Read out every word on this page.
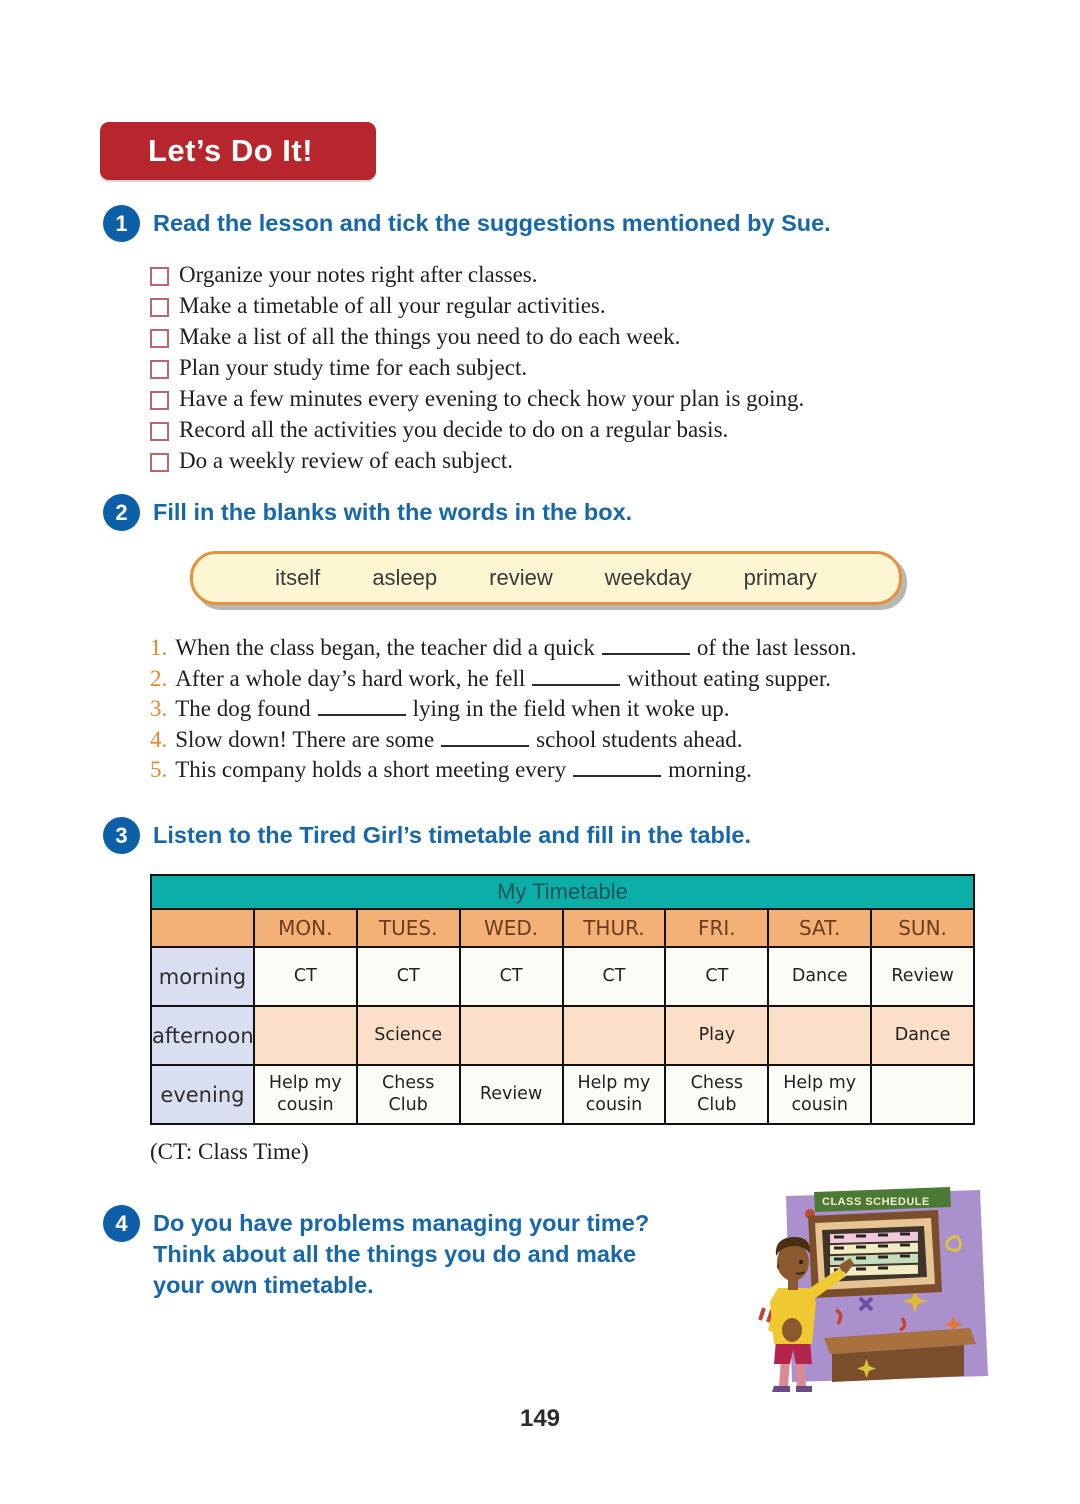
Let’s Do It!
1	Read the lesson and tick the suggestions mentioned by Sue.
Organize your notes right after classes.
Make a timetable of all your regular activities.
Make a list of all the things you need to do each week.
Plan your study time for each subject.
Have a few minutes every evening to check how your plan is going.
Record all the activities you decide to do on a regular basis.
Do a weekly review of each subject.
2	Fill in the blanks with the words in the box.
itself asleep review weekday primary
1. When the class began, the teacher did a quick	of the last lesson.
2. After a whole day’s hard work, he fell	without eating supper.
3. The dog found	lying in the field when it woke up.
4. Slow down! There are some	school students ahead.
5. This company holds a short meeting every	morning.
3	Listen to the Tired Girl’s timetable and fill in the table.
My Timetable							
	MON.	TUES.	WED.	THUR.	FRI.	SAT.	SUN.
morning	CT	CT	CT	CT	CT	Dance	Review
afternoon		Science			Play		Dance
evening	Help my cousin	Chess Club	Review	Help my cousin	Chess Club	Help my cousin	
(CT: Class Time)
4	Do you have problems managing your time?
Think about all the things you do and make
your own timetable.
CLASS SCHEDULE
149
